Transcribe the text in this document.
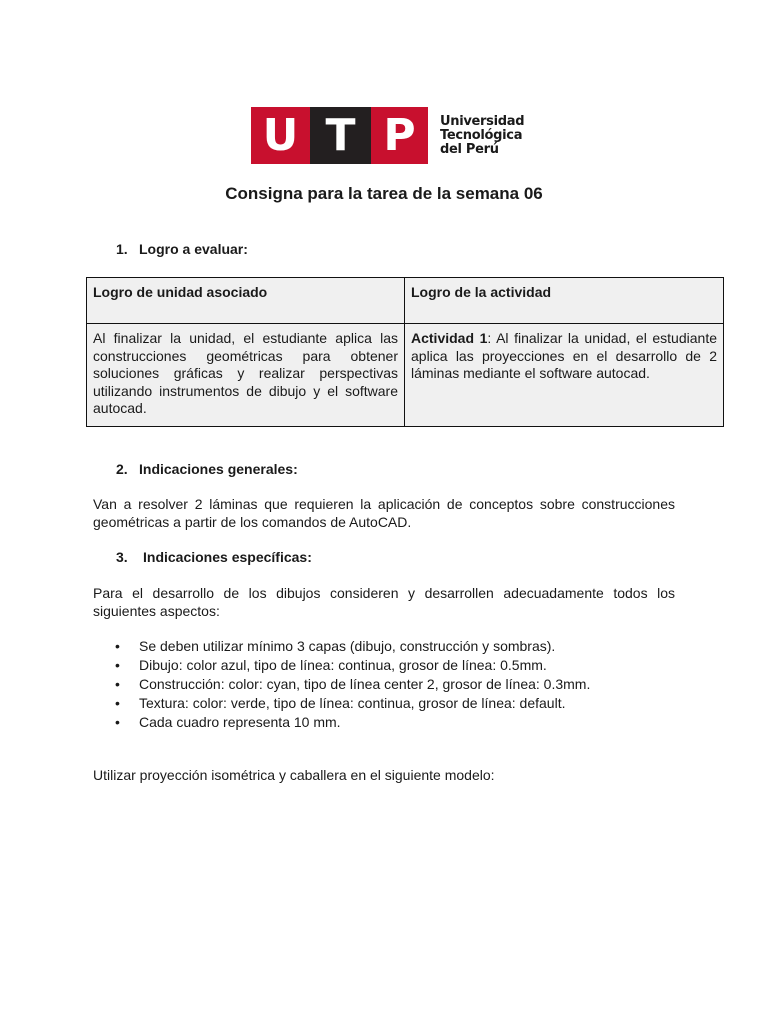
U T P	Universidad
Tecnológica
del Perú
Consigna para la tarea de la semana 06
1. Logro a evaluar:
Logro de unidad asociado	Logro de la actividad
Al finalizar la unidad, el estudiante aplica las construcciones geométricas para obtener soluciones gráficas y realizar perspectivas utilizando instrumentos de dibujo y el software autocad.	Actividad 1: Al finalizar la unidad, el estudiante aplica las proyecciones en el desarrollo de 2 láminas mediante el software autocad.
2. Indicaciones generales:
Van a resolver 2 láminas que requieren la aplicación de conceptos sobre construcciones geométricas a partir de los comandos de AutoCAD.
3. Indicaciones específicas:
Para el desarrollo de los dibujos consideren y desarrollen adecuadamente todos los siguientes aspectos:
• Se deben utilizar mínimo 3 capas (dibujo, construcción y sombras).
• Dibujo: color azul, tipo de línea: continua, grosor de línea: 0.5mm.
• Construcción: color: cyan, tipo de línea center 2, grosor de línea: 0.3mm.
• Textura: color: verde, tipo de línea: continua, grosor de línea: default.
• Cada cuadro representa 10 mm.
Utilizar proyección isométrica y caballera en el siguiente modelo:
